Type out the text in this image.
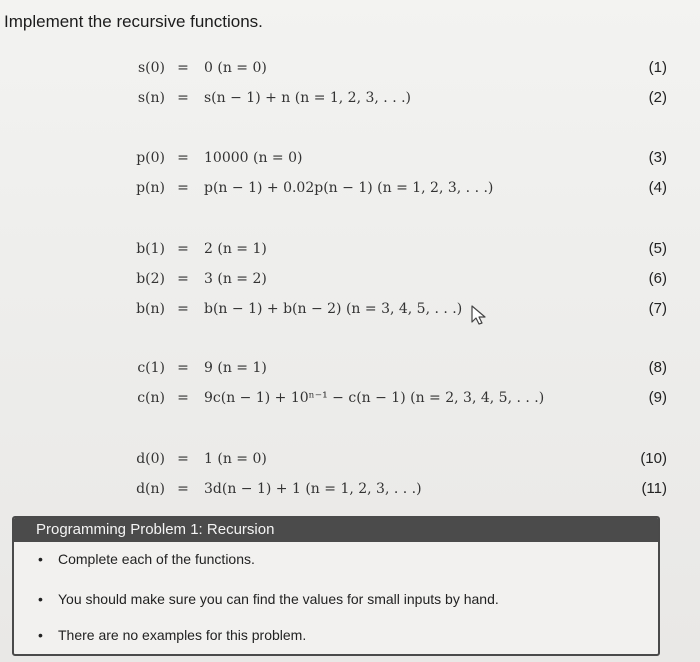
Implement the recursive functions.
s(0) = 0 (n = 0)	(1)
s(n) = s(n − 1) + n (n = 1, 2, 3, . . .)	(2)
p(0) = 10000 (n = 0)	(3)
p(n) = p(n − 1) + 0.02p(n − 1) (n = 1, 2, 3, . . .)	(4)
b(1) = 2 (n = 1)	(5)
b(2) = 3 (n = 2)	(6)
b(n) = b(n − 1) + b(n − 2) (n = 3, 4, 5, . . .)	(7)
c(1) = 9 (n = 1)	(8)
c(n) = 9c(n − 1) + 10ⁿ⁻¹ − c(n − 1) (n = 2, 3, 4, 5, . . .)	(9)
d(0) = 1 (n = 0)	(10)
d(n) = 3d(n − 1) + 1 (n = 1, 2, 3, . . .)	(11)
Programming Problem 1: Recursion
• Complete each of the functions.
• You should make sure you can find the values for small inputs by hand.
• There are no examples for this problem.
